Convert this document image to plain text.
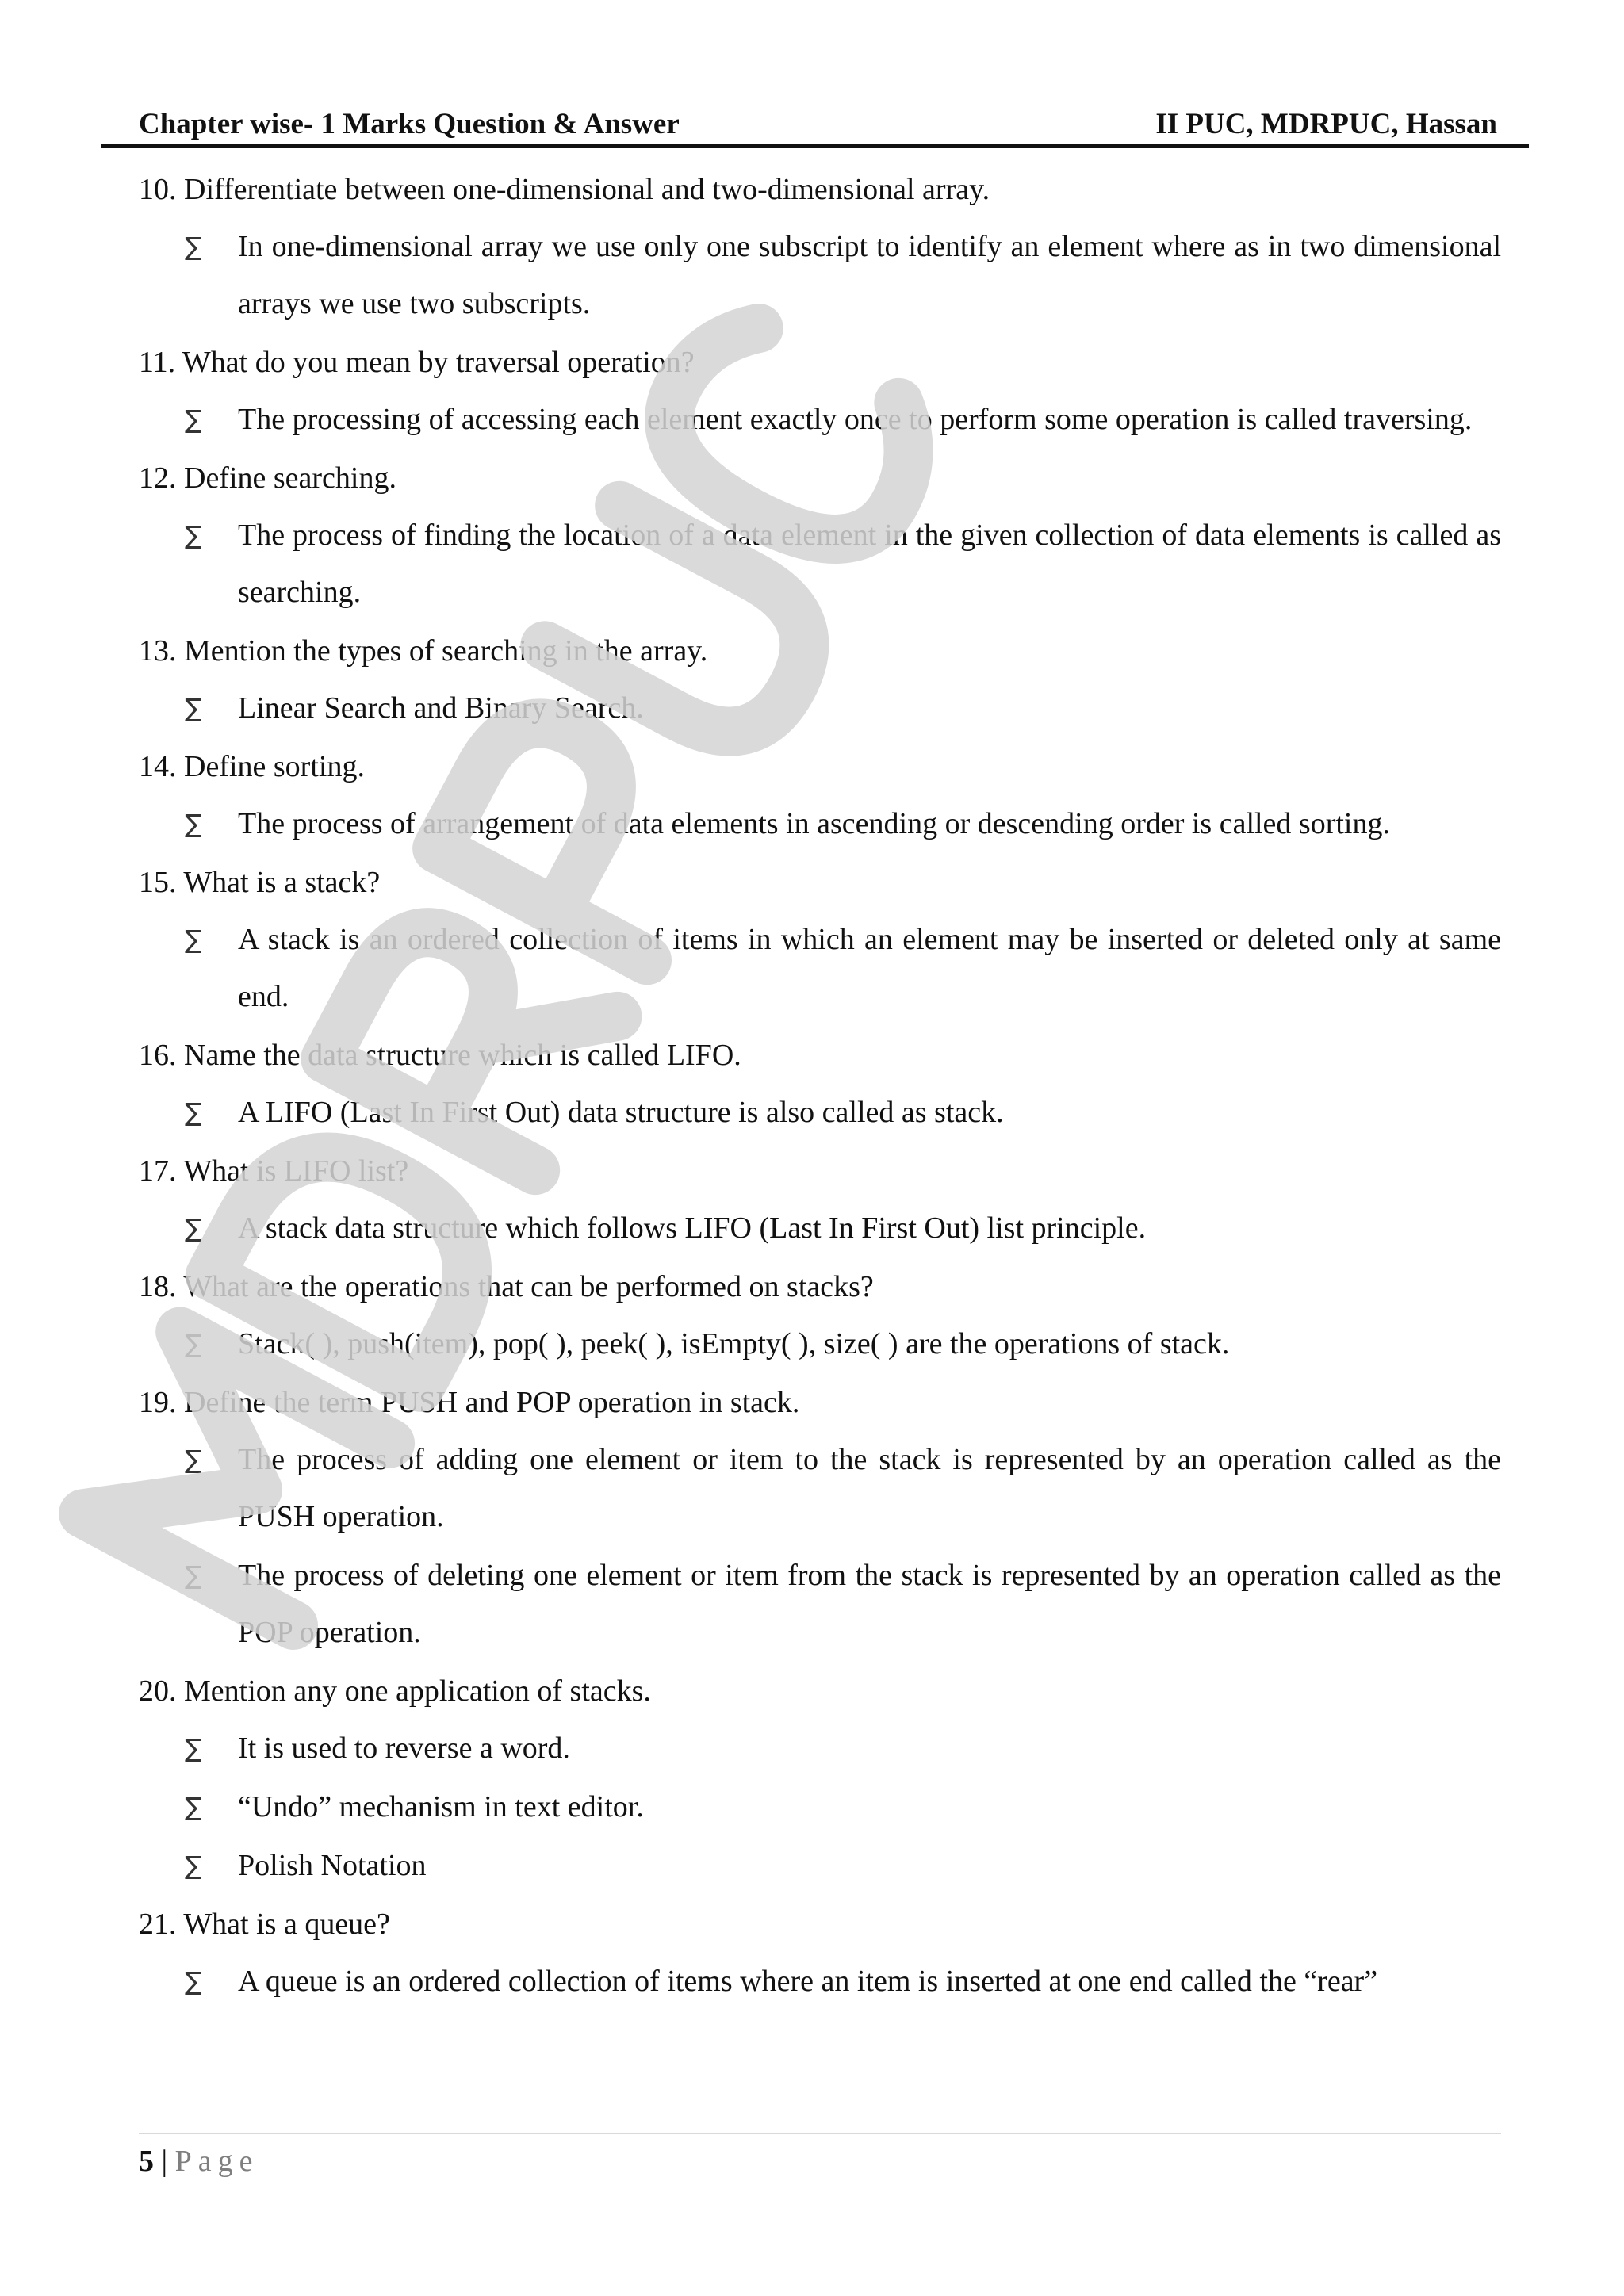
Chapter wise- 1 Marks Question & Answer	II PUC, MDRPUC, Hassan
10. Differentiate between one-dimensional and two-dimensional array.
∑ In one-dimensional array we use only one subscript to identify an element where as in two dimensional arrays we use two subscripts.
11. What do you mean by traversal operation?
∑ The processing of accessing each element exactly once to perform some operation is called traversing.
12. Define searching.
∑ The process of finding the location of a data element in the given collection of data elements is called as searching.
13. Mention the types of searching in the array.
∑ Linear Search and Binary Search.
14. Define sorting.
∑ The process of arrangement of data elements in ascending or descending order is called sorting.
15. What is a stack?
∑ A stack is an ordered collection of items in which an element may be inserted or deleted only at same end.
16. Name the data structure which is called LIFO.
∑ A LIFO (Last In First Out) data structure is also called as stack.
17. What is LIFO list?
∑ A stack data structure which follows LIFO (Last In First Out) list principle.
18. What are the operations that can be performed on stacks?
∑ Stack( ), push(item), pop( ), peek( ), isEmpty( ), size( ) are the operations of stack.
19. Define the term PUSH and POP operation in stack.
∑ The process of adding one element or item to the stack is represented by an operation called as the PUSH operation.
∑ The process of deleting one element or item from the stack is represented by an operation called as the POP operation.
20. Mention any one application of stacks.
∑ It is used to reverse a word.
∑ “Undo” mechanism in text editor.
∑ Polish Notation
21. What is a queue?
∑ A queue is an ordered collection of items where an item is inserted at one end called the “rear”
5 | Page
